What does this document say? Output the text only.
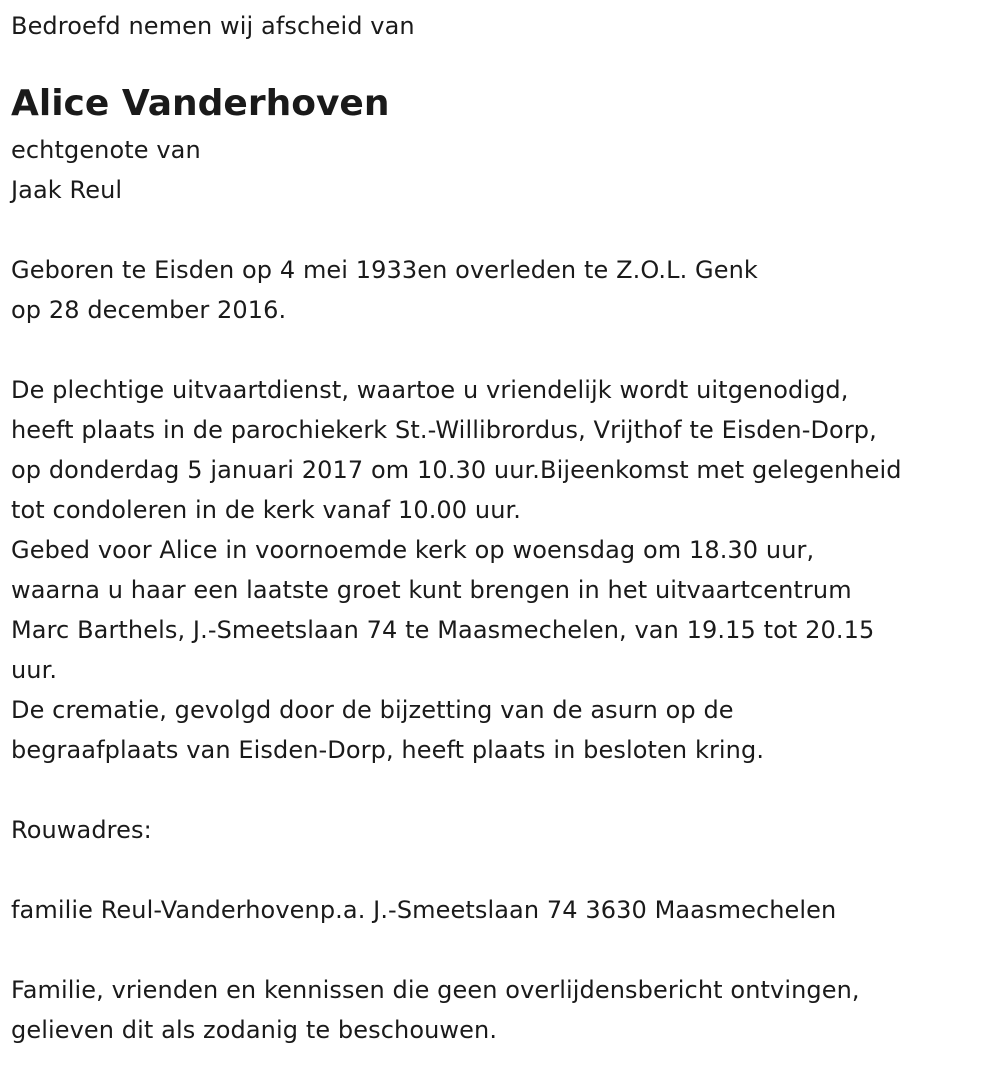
Bedroefd nemen wij afscheid van
Alice Vanderhoven
echtgenote van
Jaak Reul
Geboren te Eisden op 4 mei 1933en overleden te Z.O.L. Genk
op 28 december 2016.
De plechtige uitvaartdienst, waartoe u vriendelijk wordt uitgenodigd,
heeft plaats in de parochiekerk St.-Willibrordus, Vrijthof te Eisden-Dorp,
op donderdag 5 januari 2017 om 10.30 uur.Bijeenkomst met gelegenheid
tot condoleren in de kerk vanaf 10.00 uur.
Gebed voor Alice in voornoemde kerk op woensdag om 18.30 uur,
waarna u haar een laatste groet kunt brengen in het uitvaartcentrum
Marc Barthels, J.-Smeetslaan 74 te Maasmechelen, van 19.15 tot 20.15
uur.
De crematie, gevolgd door de bijzetting van de asurn op de
begraafplaats van Eisden-Dorp, heeft plaats in besloten kring.
Rouwadres:
familie Reul-Vanderhovenp.a. J.-Smeetslaan 74 3630 Maasmechelen
Familie, vrienden en kennissen die geen overlijdensbericht ontvingen,
gelieven dit als zodanig te beschouwen.
